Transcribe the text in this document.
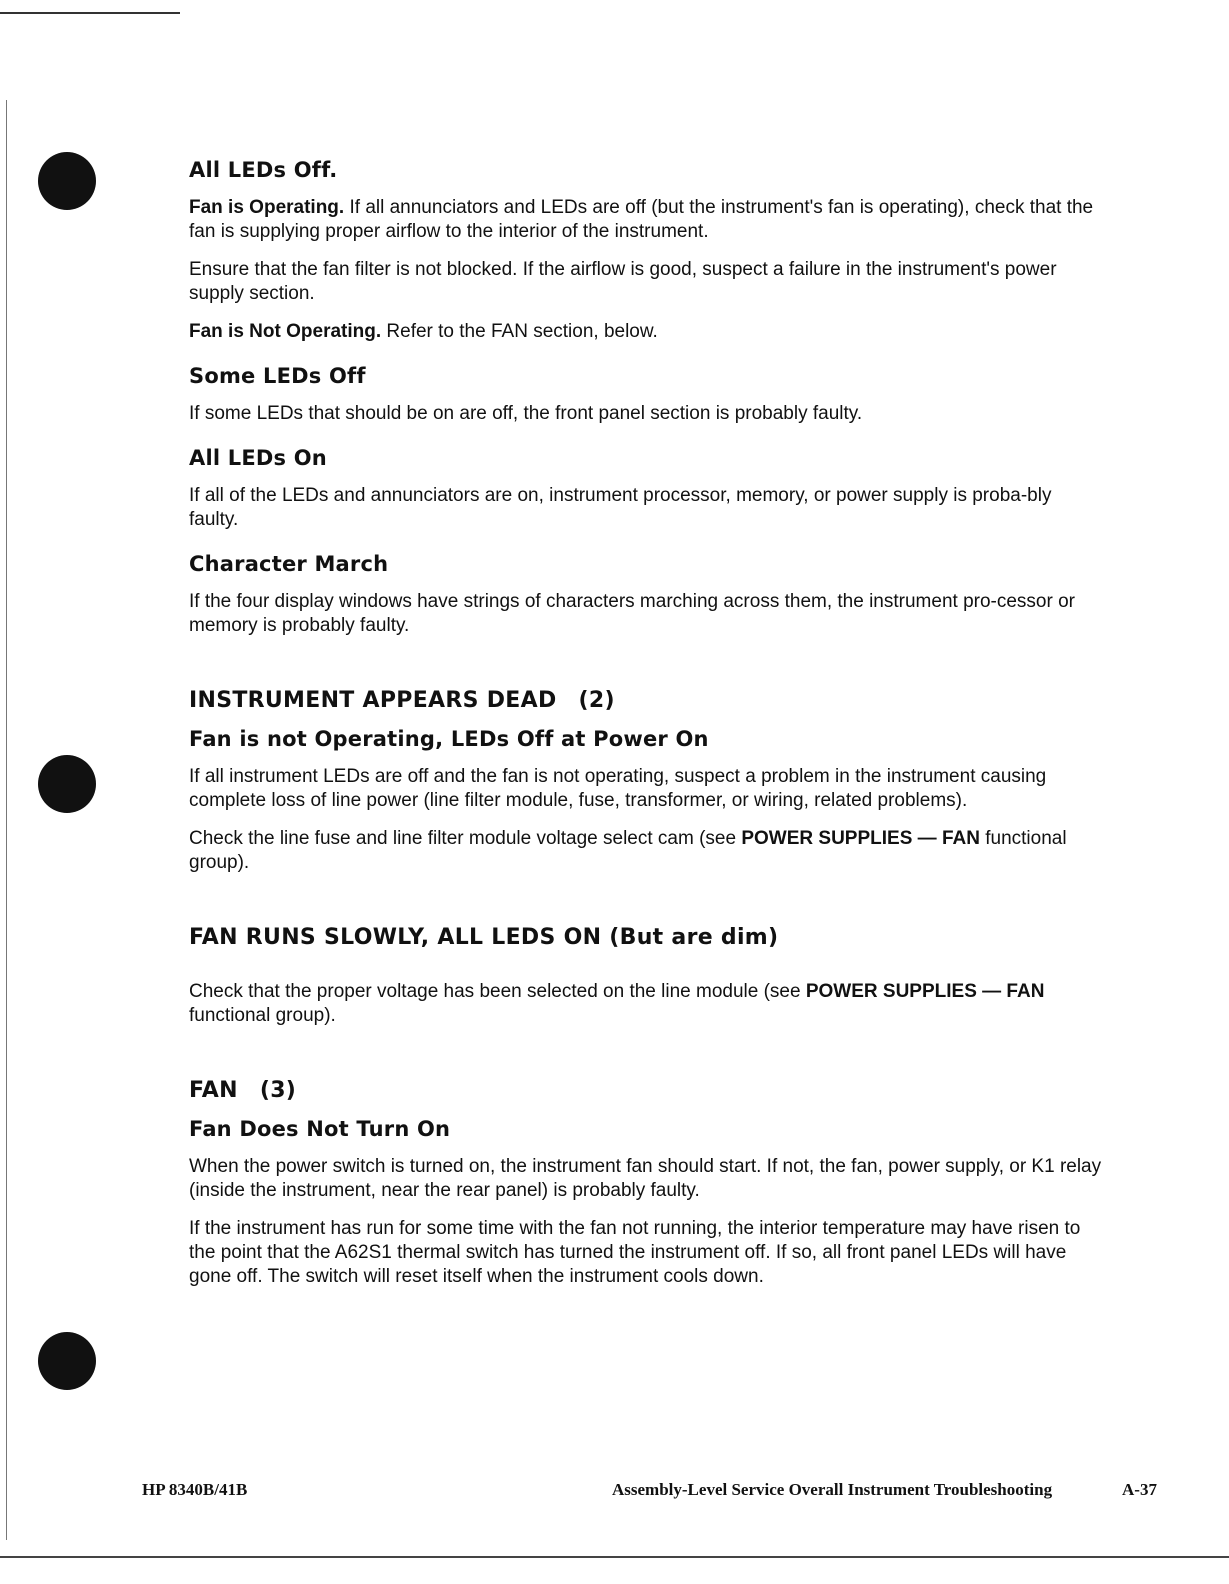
All LEDs Off.

Fan is Operating. If all annunciators and LEDs are off (but the instrument's fan is operating), check that the fan is supplying proper airflow to the interior of the instrument.

Ensure that the fan filter is not blocked. If the airflow is good, suspect a failure in the instrument's power supply section.

Fan is Not Operating. Refer to the FAN section, below.

Some LEDs Off

If some LEDs that should be on are off, the front panel section is probably faulty.

All LEDs On

If all of the LEDs and annunciators are on, instrument processor, memory, or power supply is proba-bly faulty.

Character March

If the four display windows have strings of characters marching across them, the instrument pro-cessor or memory is probably faulty.

INSTRUMENT APPEARS DEAD (2)
Fan is not Operating, LEDs Off at Power On

If all instrument LEDs are off and the fan is not operating, suspect a problem in the instrument causing complete loss of line power (line filter module, fuse, transformer, or wiring, related problems).

Check the line fuse and line filter module voltage select cam (see POWER SUPPLIES — FAN functional group).

FAN RUNS SLOWLY, ALL LEDS ON (But are dim)

Check that the proper voltage has been selected on the line module (see POWER SUPPLIES — FAN functional group).

FAN (3)
Fan Does Not Turn On

When the power switch is turned on, the instrument fan should start. If not, the fan, power supply, or K1 relay (inside the instrument, near the rear panel) is probably faulty.

If the instrument has run for some time with the fan not running, the interior temperature may have risen to the point that the A62S1 thermal switch has turned the instrument off. If so, all front panel LEDs will have gone off. The switch will reset itself when the instrument cools down.

HP 8340B/41B	Assembly-Level Service Overall Instrument Troubleshooting	A-37
